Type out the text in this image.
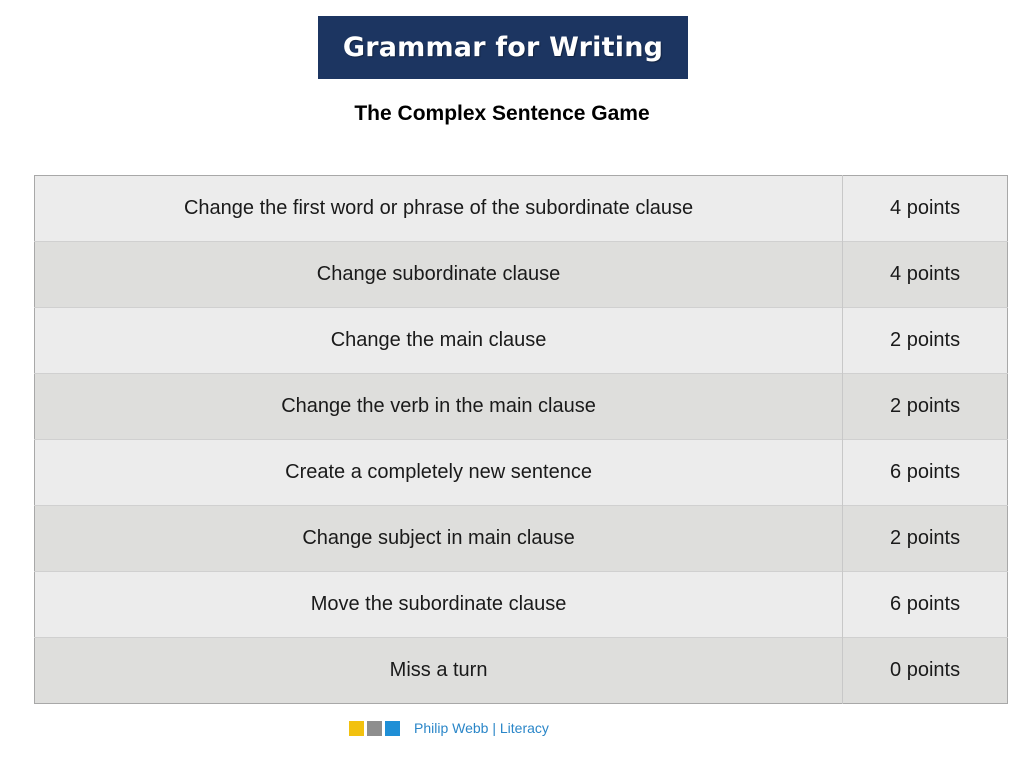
Grammar for Writing
The Complex Sentence Game
Change the first word or phrase of the subordinate clause	4 points
Change subordinate clause	4 points
Change the main clause	2 points
Change the verb in the main clause	2 points
Create a completely new sentence	6 points
Change subject in main clause	2 points
Move the subordinate clause	6 points
Miss a turn	0 points
Philip Webb | Literacy
